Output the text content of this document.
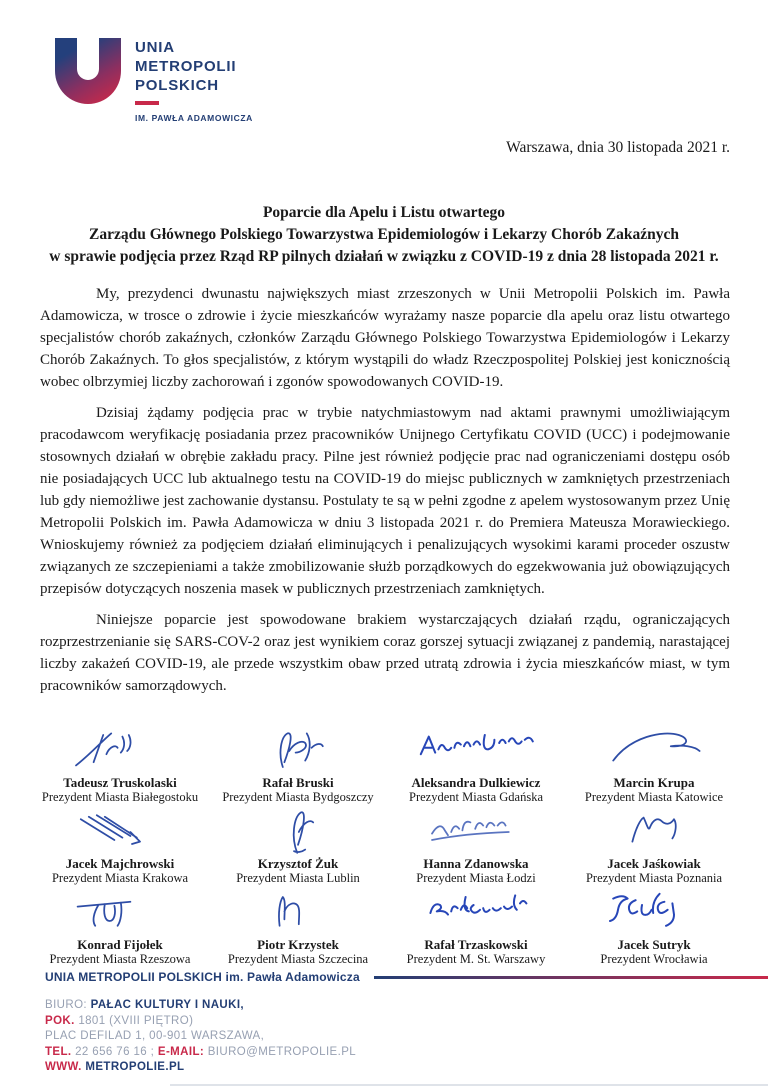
UNIA
METROPOLII
POLSKICH
IM. PAWŁA ADAMOWICZA
Warszawa, dnia 30 listopada 2021 r.
Poparcie dla Apelu i Listu otwartego
Zarządu Głównego Polskiego Towarzystwa Epidemiologów i Lekarzy Chorób Zakaźnych
w sprawie podjęcia przez Rząd RP pilnych działań w związku z COVID-19 z dnia 28 listopada 2021 r.

My, prezydenci dwunastu największych miast zrzeszonych w Unii Metropolii Polskich im. Pawła Adamowicza, w trosce o zdrowie i życie mieszkańców wyrażamy nasze poparcie dla apelu oraz listu otwartego specjalistów chorób zakaźnych, członków Zarządu Głównego Polskiego Towarzystwa Epidemiologów i Lekarzy Chorób Zakaźnych. To głos specjalistów, z którym wystąpili do władz Rzeczpospolitej Polskiej jest konicznością wobec olbrzymiej liczby zachorowań i zgonów spowodowanych COVID-19.

Dzisiaj żądamy podjęcia prac w trybie natychmiastowym nad aktami prawnymi umożliwiającym pracodawcom weryfikację posiadania przez pracowników Unijnego Certyfikatu COVID (UCC) i podejmowanie stosownych działań w obrębie zakładu pracy. Pilne jest również podjęcie prac nad ograniczeniami dostępu osób nie posiadających UCC lub aktualnego testu na COVID-19 do miejsc publicznych w zamkniętych przestrzeniach lub gdy niemożliwe jest zachowanie dystansu. Postulaty te są w pełni zgodne z apelem wystosowanym przez Unię Metropolii Polskich im. Pawła Adamowicza w dniu 3 listopada 2021 r. do Premiera Mateusza Morawieckiego. Wnioskujemy również za podjęciem działań eliminujących i penalizujących wysokimi karami proceder oszustw związanych ze szczepieniami a także zmobilizowanie służb porządkowych do egzekwowania już obowiązujących przepisów dotyczących noszenia masek w publicznych przestrzeniach zamkniętych.

Niniejsze poparcie jest spowodowane brakiem wystarczających działań rządu, ograniczających rozprzestrzenianie się SARS-COV-2 oraz jest wynikiem coraz gorszej sytuacji związanej z pandemią, narastającej liczby zakażeń COVID-19, ale przede wszystkim obaw przed utratą zdrowia i życia mieszkańców miast, w tym pracowników samorządowych.

Tadeusz Truskolaski
Prezydent Miasta Białegostoku
Rafał Bruski
Prezydent Miasta Bydgoszczy
Aleksandra Dulkiewicz
Prezydent Miasta Gdańska
Marcin Krupa
Prezydent Miasta Katowice
Jacek Majchrowski
Prezydent Miasta Krakowa
Krzysztof Żuk
Prezydent Miasta Lublin
Hanna Zdanowska
Prezydent Miasta Łodzi
Jacek Jaśkowiak
Prezydent Miasta Poznania
Konrad Fijołek
Prezydent Miasta Rzeszowa
Piotr Krzystek
Prezydent Miasta Szczecina
Rafał Trzaskowski
Prezydent M. St. Warszawy
Jacek Sutryk
Prezydent Wrocławia
UNIA METROPOLII POLSKICH im. Pawła Adamowicza
BIURO: PAŁAC KULTURY I NAUKI,
POK. 1801 (XVIII PIĘTRO)
PLAC DEFILAD 1, 00-901 WARSZAWA,
TEL. 22 656 76 16 ; E-MAIL: BIURO@METROPOLIE.PL
WWW. METROPOLIE.PL
